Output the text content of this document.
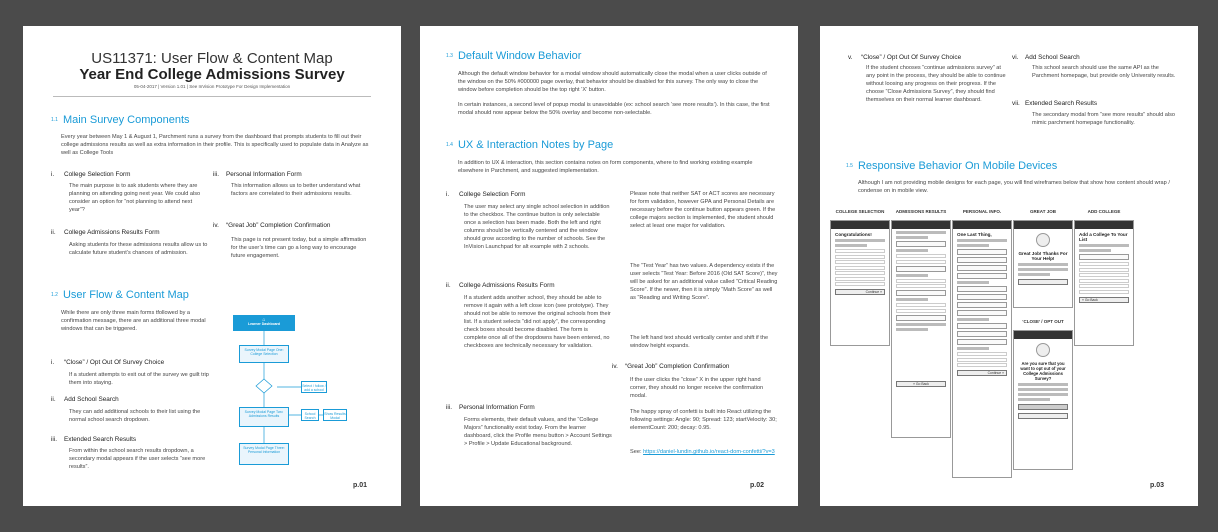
US11371: User Flow & Content Map
Year End College Admissions Survey
05-04-2017 | Version 1.01 | See InVision Prototype For Design Implementation
1.1 Main Survey Components
Every year between May 1 & August 1, Parchment runs a survey from the dashboard that prompts students to fill out their college admissions results as well as extra information in their profile. This is specifically used to populate data in Analyze as well as College Tools
i. College Selection Form
The main purpose is to ask students where they are planning on attending going next year. We could also consider an option for “not planning to attend next year”?
ii. College Admissions Results Form
Asking students for these admissions results allow us to calculate future student’s chances of admission.
iii. Personal Information Form
This information allows us to better understand what factors are correlated to their admissions results.
iv. “Great Job” Completion Confirmation
This page is not present today, but a simple affirmation for the user’s time can go a long way to encourage future engagement.
1.2 User Flow & Content Map
While there are only three main forms tfollowed by a confirmation message, there are an additional three modal windows that can be triggered.
i. “Close” / Opt Out Of Survey Choice
If a student attempts to exit out of the survey we guilt trip them into staying.
ii. Add School Search
They can add additional schools to their list using the normal school search dropdown.
iii. Extended Search Results
From within the school search results dropdown, a secondary modal appears if the user selects “see more results”.
⌂
Learner Dashboard
Survey Modal Page One:
College Selection
Select / follow / add a school
Survey Modal Page Two:
Admissions Results	School Search
Show Results Modal
Survey Modal Page Three:
Personal Information
p.01
1.3 Default Window Behavior
Although the default window behavior for a modal window should automatically close the modal when a user clicks outside of the window on the 50% #000000 page overlay, that behavior should be disabled for this survey. The only way to close the window before completion should be the top right ‘X’ button.
In certain instances, a second level of popup modal is unavoidable (ex: school search ‘see more results’). In this case, the first modal should now appear below the 50% overlay and become non-selectable.
1.4 UX & Interaction Notes by Page
In addition to UX & interaction, this section contains notes on form components, where to find working existing example elsewhere in Parchment, and suggested implementation.
i. College Selection Form
The user may select any single school selection in addition to the checkbox. The continue button is only selectable once a selection has been made. Both the left and right columns should be vertically centered and the window should grow according to the number of schools. See the InVision Launchpad for alt example with 2 schools.
ii. College Admissions Results Form
If a student adds another school, they should be able to remove it again with a left close icon (see prototype). They should not be able to remove the original schools from their list. If a student selects “did not apply”, the corresponding check boxes should become disabled. The form is complete once all of the dropdowns have been entered, no checkboxes are technically necessary for validation.
iii. Personal Information Form
Forms elements, their default values, and the “College Majors” functionality exist today. From the learner dashboard, click the Profile menu button > Account Settings > Profile > Update Educational background.
Please note that neither SAT or ACT scores are necessary for form validation, however GPA and Personal Details are necessary before the continue button appears green. If the college majors section is implemented, the student should select at least one major for validation.
The “Test Year” has two values. A dependency exists if the user selects “Test Year: Before 2016 (Old SAT Score)”, they will be asked for an additional value called “Critical Reading Score”. If the newer, then it is simply “Math Score” as well as “Reading and Writing Score”.
The left hand text should vertically center and shift if the window height expands.
iv. “Great Job” Completion Confirmation
If the user clicks the “close” X in the upper right hand corner, they should no longer receive the confirmation modal.
The happy spray of confetti is built into React utilizing the following settings: Angle: 90; Spread: 123; startVelocity: 30; elementCount: 200; decay: 0.95.
See: https://daniel-lundin.github.io/react-dom-confetti/?v=3
p.02
v. “Close” / Opt Out Of Survey Choice
If the student chooses “continue admissions survey” at any point in the process, they should be able to continue without loosing any progress on their progress. If the choose “Close Admissions Survey”, they should find themselves on their normal learner dashboard.
vi. Add School Search
This school search should use the same API as the Parchment homepage, but provide only University results.
vii. Extended Search Results
The secondary modal from “see more results” should also mimic parchment homepage functionality.
1.5 Responsive Behavior On Mobile Devices
Although I am not providing mobile designs for each page, you will find wireframes below that show how content should wrap / condense on in mobile view.
COLLEGE SELECTION	ADMISSIONS RESULTS	PERSONAL INFO.	GREAT JOB	ADD COLLEGE
Congratulations!
Continue »
« Go Back
One Last Thing,
Continue »
Great Job! Thanks For Your Help!
‘CLOSE’ / OPT OUT
Are you sure that you want to opt out of your College Admissions Survey?
Add a College To Your List
« Go Back
p.03
